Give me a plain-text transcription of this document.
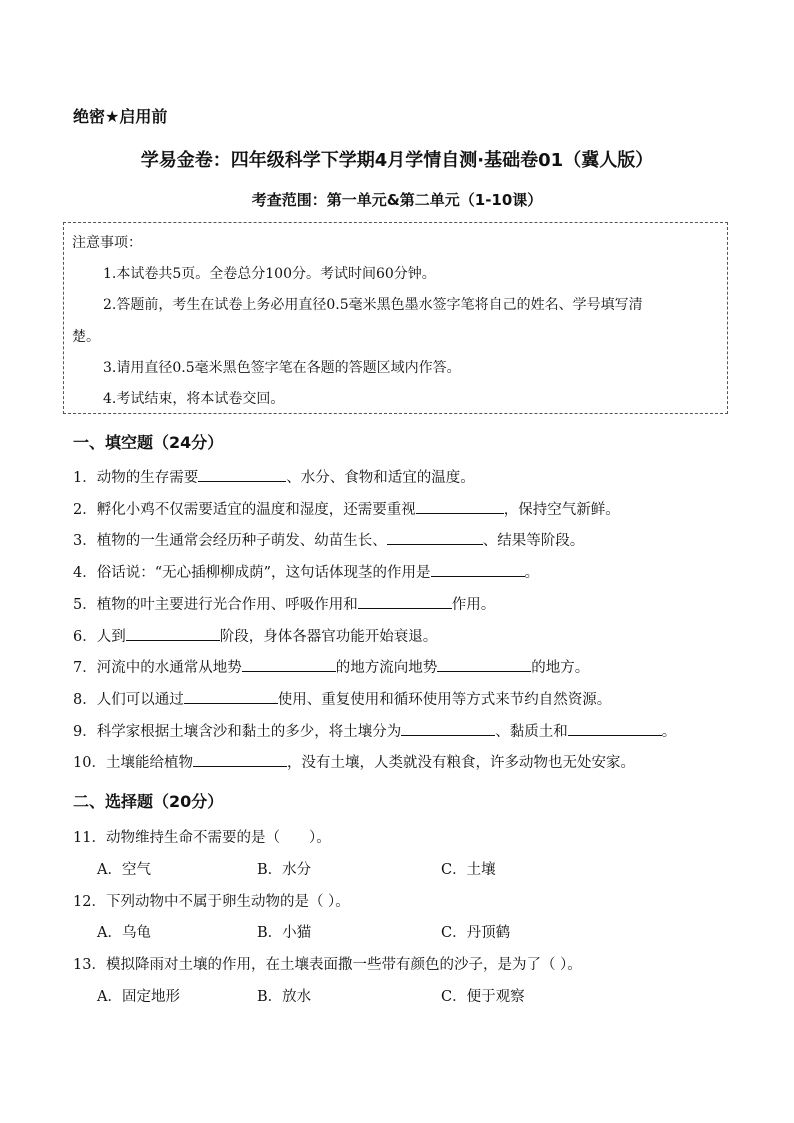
绝密★启用前
学易金卷：四年级科学下学期4月学情自测·基础卷01（冀人版）
考查范围：第一单元&第二单元（1-10课）
注意事项：
1.本试卷共5页。全卷总分100分。考试时间60分钟。
2.答题前，考生在试卷上务必用直径0.5毫米黑色墨水签字笔将自己的姓名、学号填写清
楚。
3.请用直径0.5毫米黑色签字笔在各题的答题区域内作答。
4.考试结束，将本试卷交回。
一、填空题（24分）
1．动物的生存需要	、水分、食物和适宜的温度。
2．孵化小鸡不仅需要适宜的温度和湿度，还需要重视	，保持空气新鲜。
3．植物的一生通常会经历种子萌发、幼苗生长、	、结果等阶段。
4．俗话说：“无心插柳柳成荫”，这句话体现茎的作用是	。
5．植物的叶主要进行光合作用、呼吸作用和	作用。
6．人到	阶段，身体各器官功能开始衰退。
7．河流中的水通常从地势	的地方流向地势	的地方。
8．人们可以通过	使用、重复使用和循环使用等方式来节约自然资源。
9．科学家根据土壤含沙和黏土的多少，将土壤分为	、黏质土和	。
10．土壤能给植物	，没有土壤，人类就没有粮食，许多动物也无处安家。
二、选择题（20分）
11．动物维持生命不需要的是（　　）。
A．空气	B．水分	C．土壤
12．下列动物中不属于卵生动物的是（ ）。
A．乌龟	B．小猫	C．丹顶鹤
13．模拟降雨对土壤的作用，在土壤表面撒一些带有颜色的沙子，是为了（ ）。
A．固定地形	B．放水	C．便于观察
